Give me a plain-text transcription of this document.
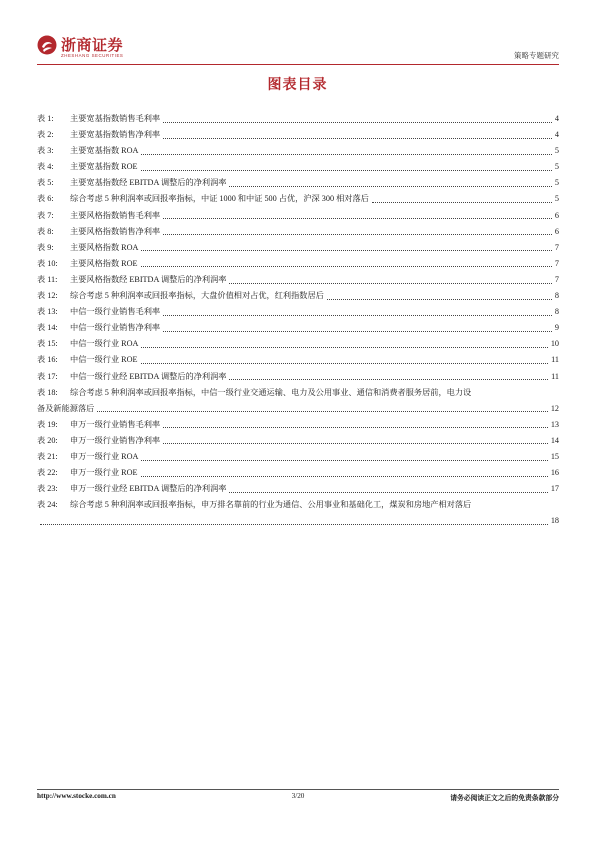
浙商证券
ZHESHANG SECURITIES	策略专题研究
图表目录
表 1:	主要宽基指数销售毛利率	4
表 2:	主要宽基指数销售净利率	4
表 3:	主要宽基指数 ROA	5
表 4:	主要宽基指数 ROE	5
表 5:	主要宽基指数经 EBITDA 调整后的净利润率	5
表 6:	综合考虑 5 种利润率或回报率指标，中证 1000 和中证 500 占优，沪深 300 相对落后	5
表 7:	主要风格指数销售毛利率	6
表 8:	主要风格指数销售净利率	6
表 9:	主要风格指数 ROA	7
表 10:	主要风格指数 ROE	7
表 11:	主要风格指数经 EBITDA 调整后的净利润率	7
表 12:	综合考虑 5 种利润率或回报率指标，大盘价值相对占优，红利指数居后	8
表 13:	中信一级行业销售毛利率	8
表 14:	中信一级行业销售净利率	9
表 15:	中信一级行业 ROA	10
表 16:	中信一级行业 ROE	11
表 17:	中信一级行业经 EBITDA 调整后的净利润率	11
表 18:	综合考虑 5 种利润率或回报率指标，中信一级行业交通运输、电力及公用事业、通信和消费者服务居前，电力设
备及新能源落后	12
表 19:	申万一级行业销售毛利率	13
表 20:	申万一级行业销售净利率	14
表 21:	申万一级行业 ROA	15
表 22:	申万一级行业 ROE	16
表 23:	申万一级行业经 EBITDA 调整后的净利润率	17
表 24:	综合考虑 5 种利润率或回报率指标，申万排名靠前的行业为通信、公用事业和基础化工，煤炭和房地产相对落后
18
http://www.stocke.com.cn	3/20	请务必阅读正文之后的免责条款部分
